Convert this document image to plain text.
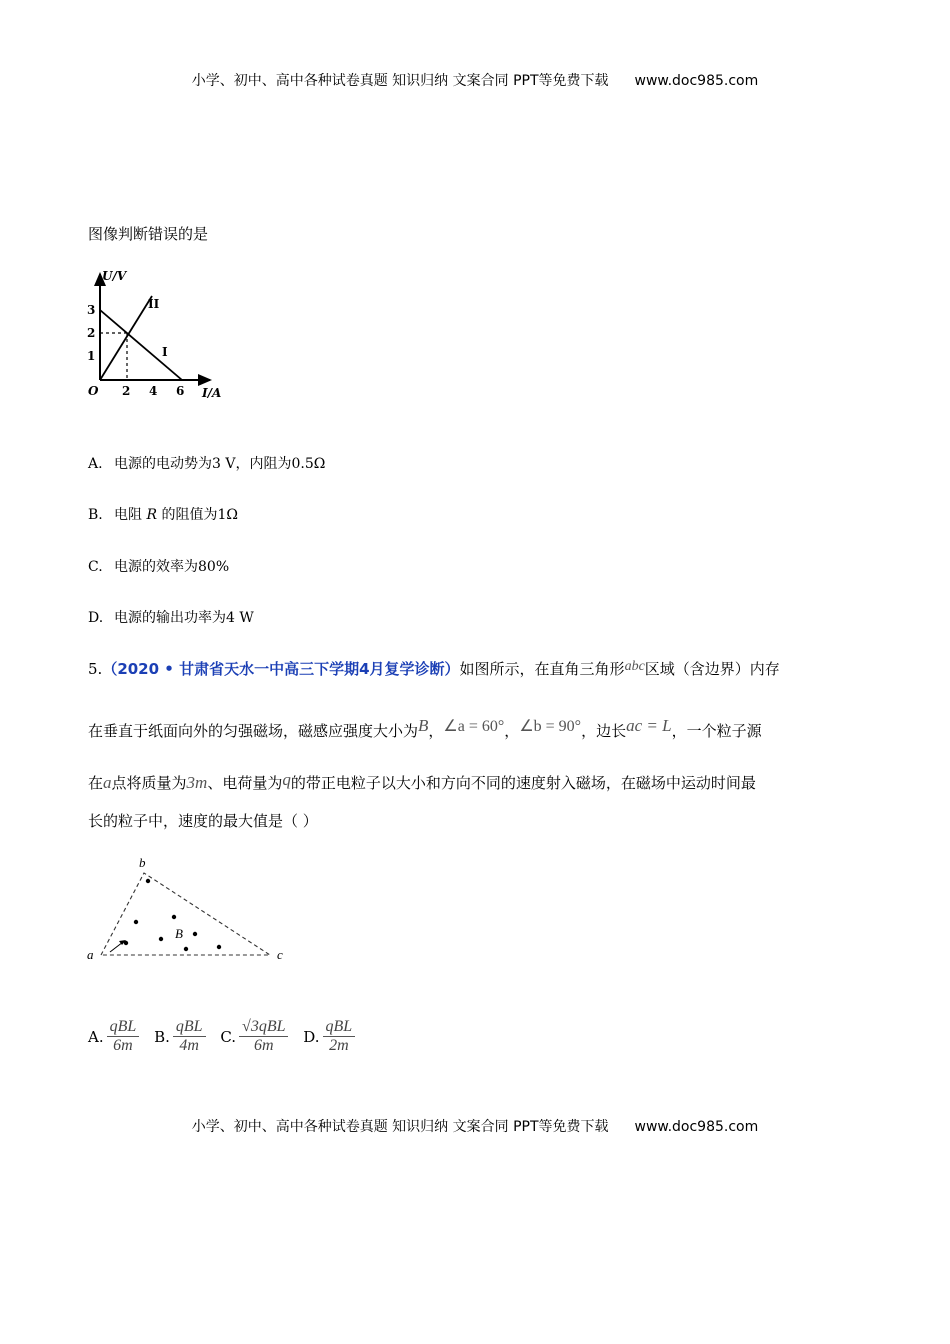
小学、初中、高中各种试卷真题 知识归纳 文案合同 PPT等免费下载 www.doc985.com
图像判断错误的是
U/V
I/A
O
3
2
1
2 4 6
II
I
A. 电源的电动势为3 V，内阻为0.5Ω
B. 电阻 R 的阻值为1Ω
C. 电源的效率为80%
D. 电源的输出功率为4 W
5.（2020 • 甘肃省天水一中高三下学期4月复学诊断）如图所示，在直角三角形abc区域（含边界）内存
在垂直于纸面向外的匀强磁场，磁感应强度大小为B，∠a = 60°，∠b = 90°，边长ac = L，一个粒子源
在a点将质量为3m、电荷量为q的带正电粒子以大小和方向不同的速度射入磁场，在磁场中运动时间最
长的粒子中，速度的最大值是（ ）
a
b
c
B
A. $\frac{\text{qBL}}{6m} B$. $\frac{\text{qBL}}{4m} C$. $\frac{\text{√3qBL}}{6m} D$. $\frac{\text{qBL}}{2m}$
小学、初中、高中各种试卷真题 知识归纳 文案合同 PPT等免费下载 www.doc985.com
